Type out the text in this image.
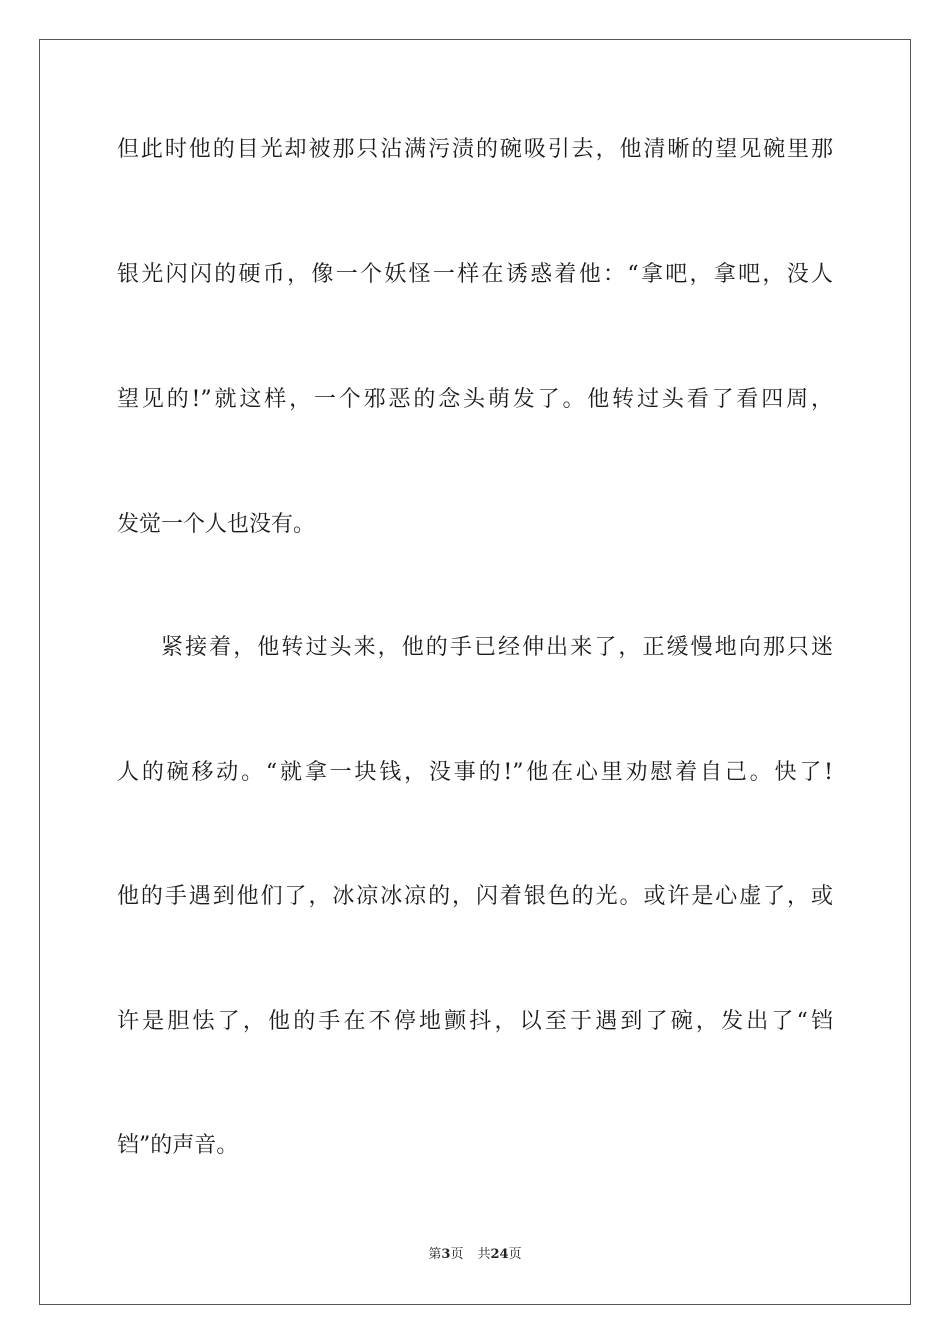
但此时他的目光却被那只沾满污渍的碗吸引去，他清晰的望见碗里那
银光闪闪的硬币，像一个妖怪一样在诱惑着他：“拿吧，拿吧，没人
望见的!”就这样，一个邪恶的念头萌发了。他转过头看了看四周，
发觉一个人也没有。
紧接着，他转过头来，他的手已经伸出来了，正缓慢地向那只迷
人的碗移动。“就拿一块钱，没事的!”他在心里劝慰着自己。快了!
他的手遇到他们了，冰凉冰凉的，闪着银色的光。或许是心虚了，或
许是胆怯了，他的手在不停地颤抖，以至于遇到了碗，发出了“铛
铛”的声音。
第3页 共24页
